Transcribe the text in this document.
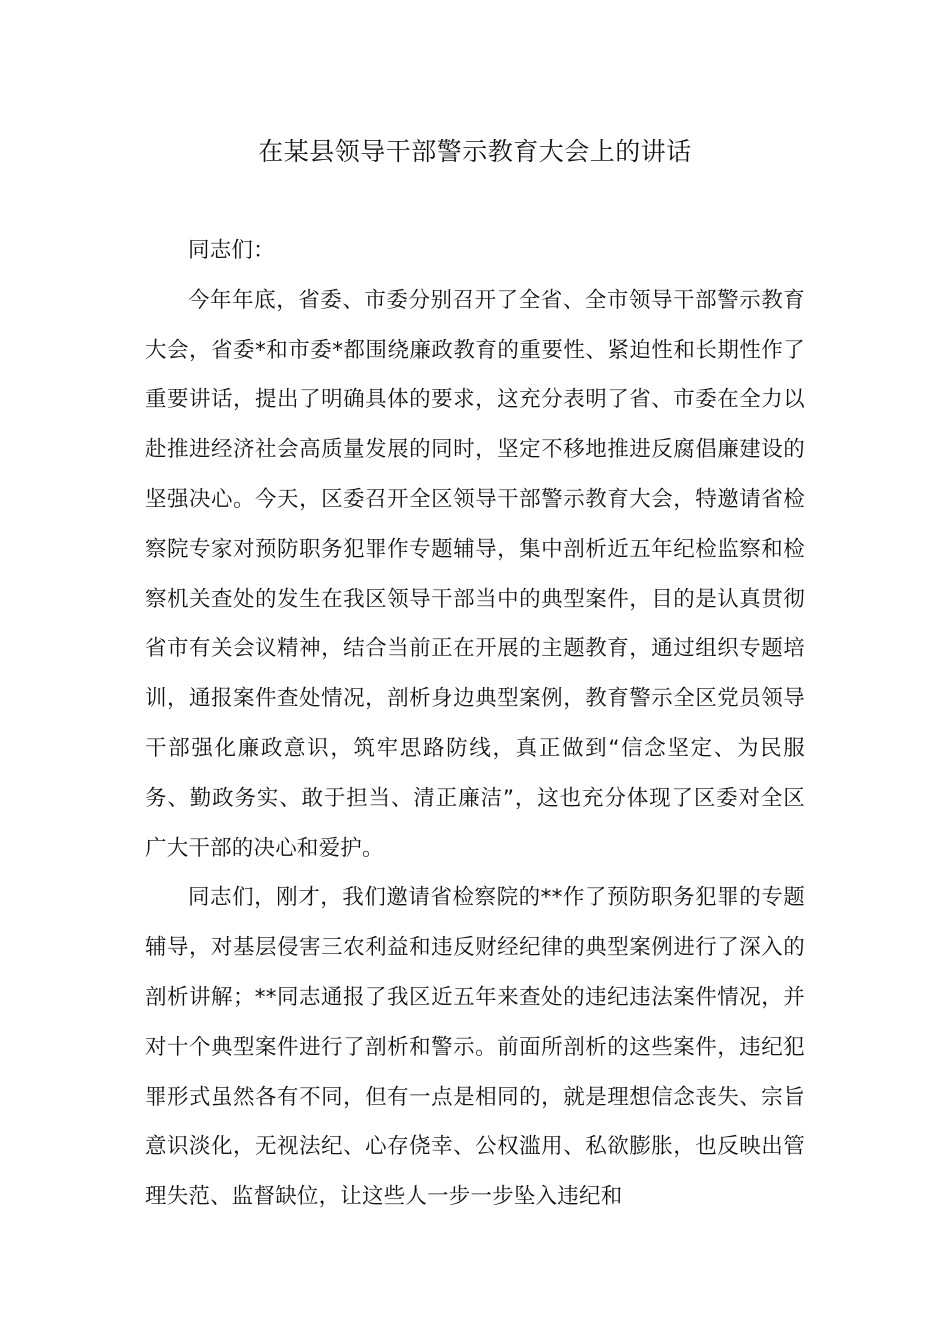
在某县领导干部警示教育大会上的讲话

同志们：

今年年底，省委、市委分别召开了全省、全市领导干部警示教育大会，省委*和市委*都围绕廉政教育的重要性、紧迫性和长期性作了重要讲话，提出了明确具体的要求，这充分表明了省、市委在全力以赴推进经济社会高质量发展的同时，坚定不移地推进反腐倡廉建设的坚强决心。今天，区委召开全区领导干部警示教育大会，特邀请省检察院专家对预防职务犯罪作专题辅导，集中剖析近五年纪检监察和检察机关查处的发生在我区领导干部当中的典型案件，目的是认真贯彻省市有关会议精神，结合当前正在开展的主题教育，通过组织专题培训，通报案件查处情况，剖析身边典型案例，教育警示全区党员领导干部强化廉政意识，筑牢思路防线，真正做到“信念坚定、为民服务、勤政务实、敢于担当、清正廉洁”，这也充分体现了区委对全区广大干部的决心和爱护。

同志们，刚才，我们邀请省检察院的**作了预防职务犯罪的专题辅导，对基层侵害三农利益和违反财经纪律的典型案例进行了深入的剖析讲解；**同志通报了我区近五年来查处的违纪违法案件情况，并对十个典型案件进行了剖析和警示。前面所剖析的这些案件，违纪犯罪形式虽然各有不同，但有一点是相同的，就是理想信念丧失、宗旨意识淡化，无视法纪、心存侥幸、公权滥用、私欲膨胀，也反映出管理失范、监督缺位，让这些人一步一步坠入违纪和
